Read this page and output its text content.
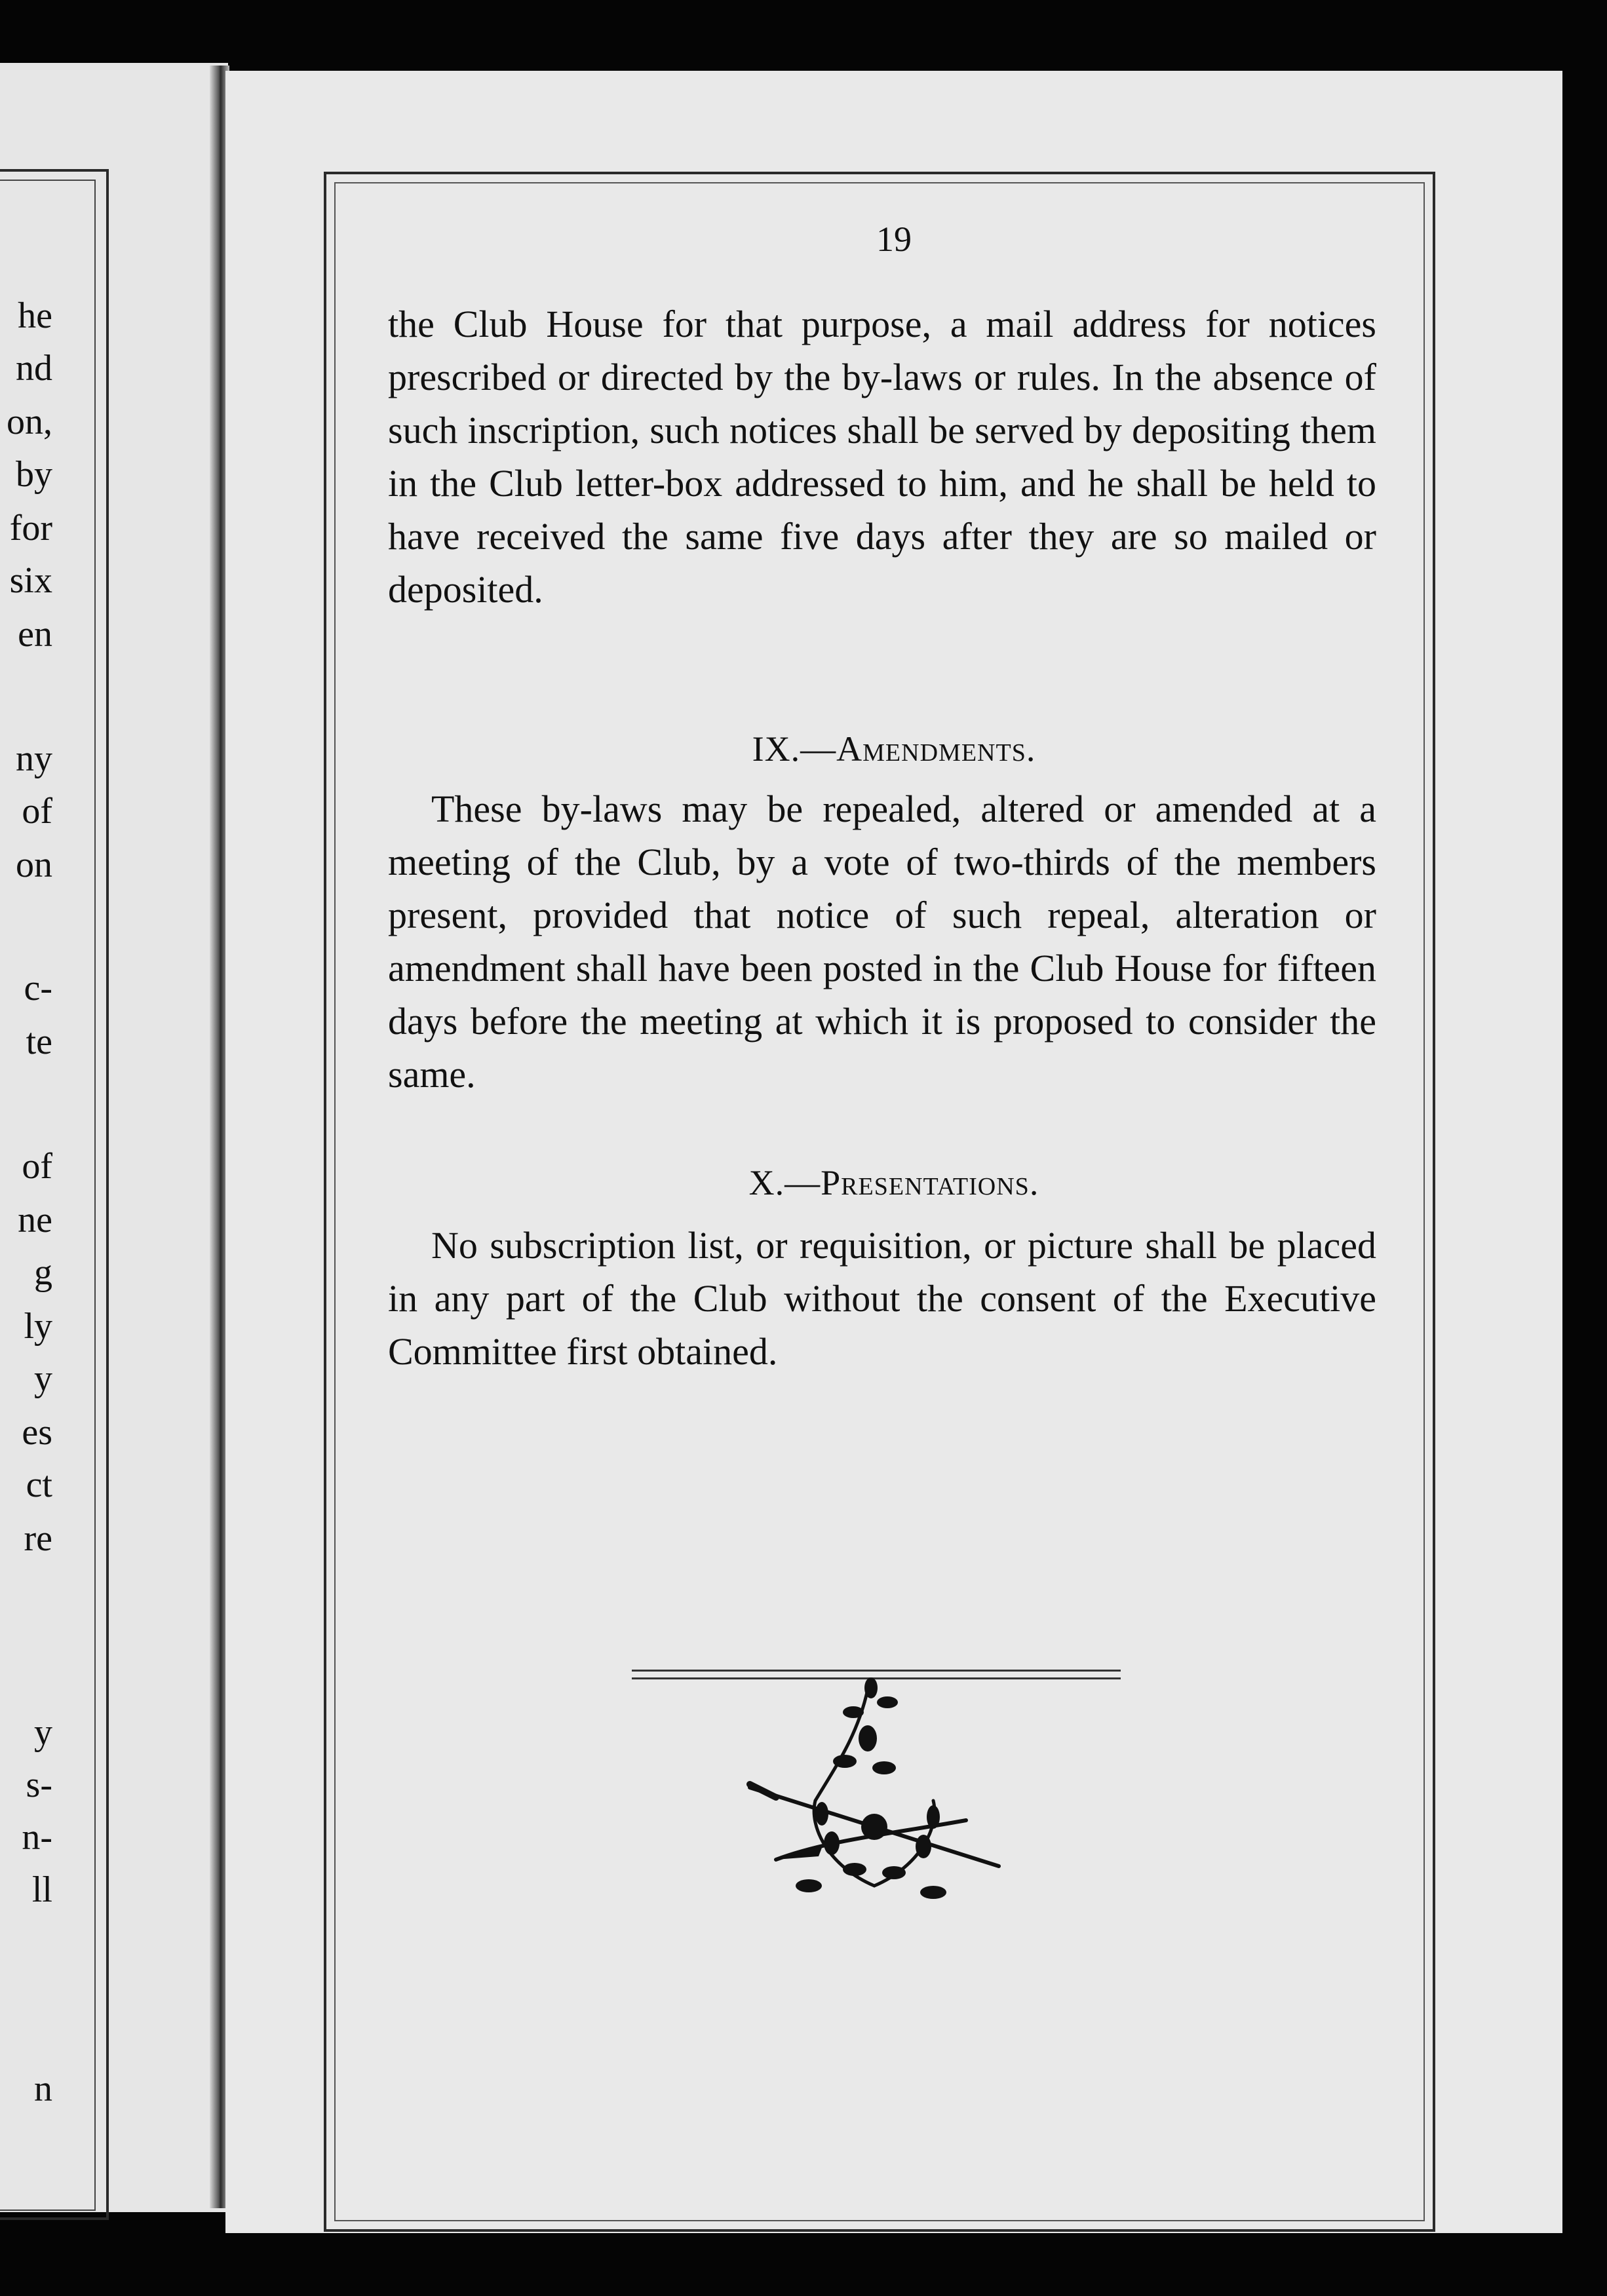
he
nd
on,
by
for
six
en
ny
of
on
c-
te
of
ne
g
ly
y
es
ct
re
y
s-
n-
ll
n
19

the Club House for that purpose, a mail address for notices prescribed or directed by the by-laws or rules. In the absence of such inscription, such notices shall be served by depositing them in the Club letter-box addressed to him, and he shall be held to have received the same five days after they are so mailed or deposited.

IX.—Amendments.

These by-laws may be repealed, altered or amended at a meeting of the Club, by a vote of two-thirds of the members present, provided that notice of such repeal, alteration or amendment shall have been posted in the Club House for fifteen days before the meeting at which it is proposed to consider the same.

X.—Presentations.

No subscription list, or requisition, or picture shall be placed in any part of the Club without the consent of the Executive Committee first obtained.
